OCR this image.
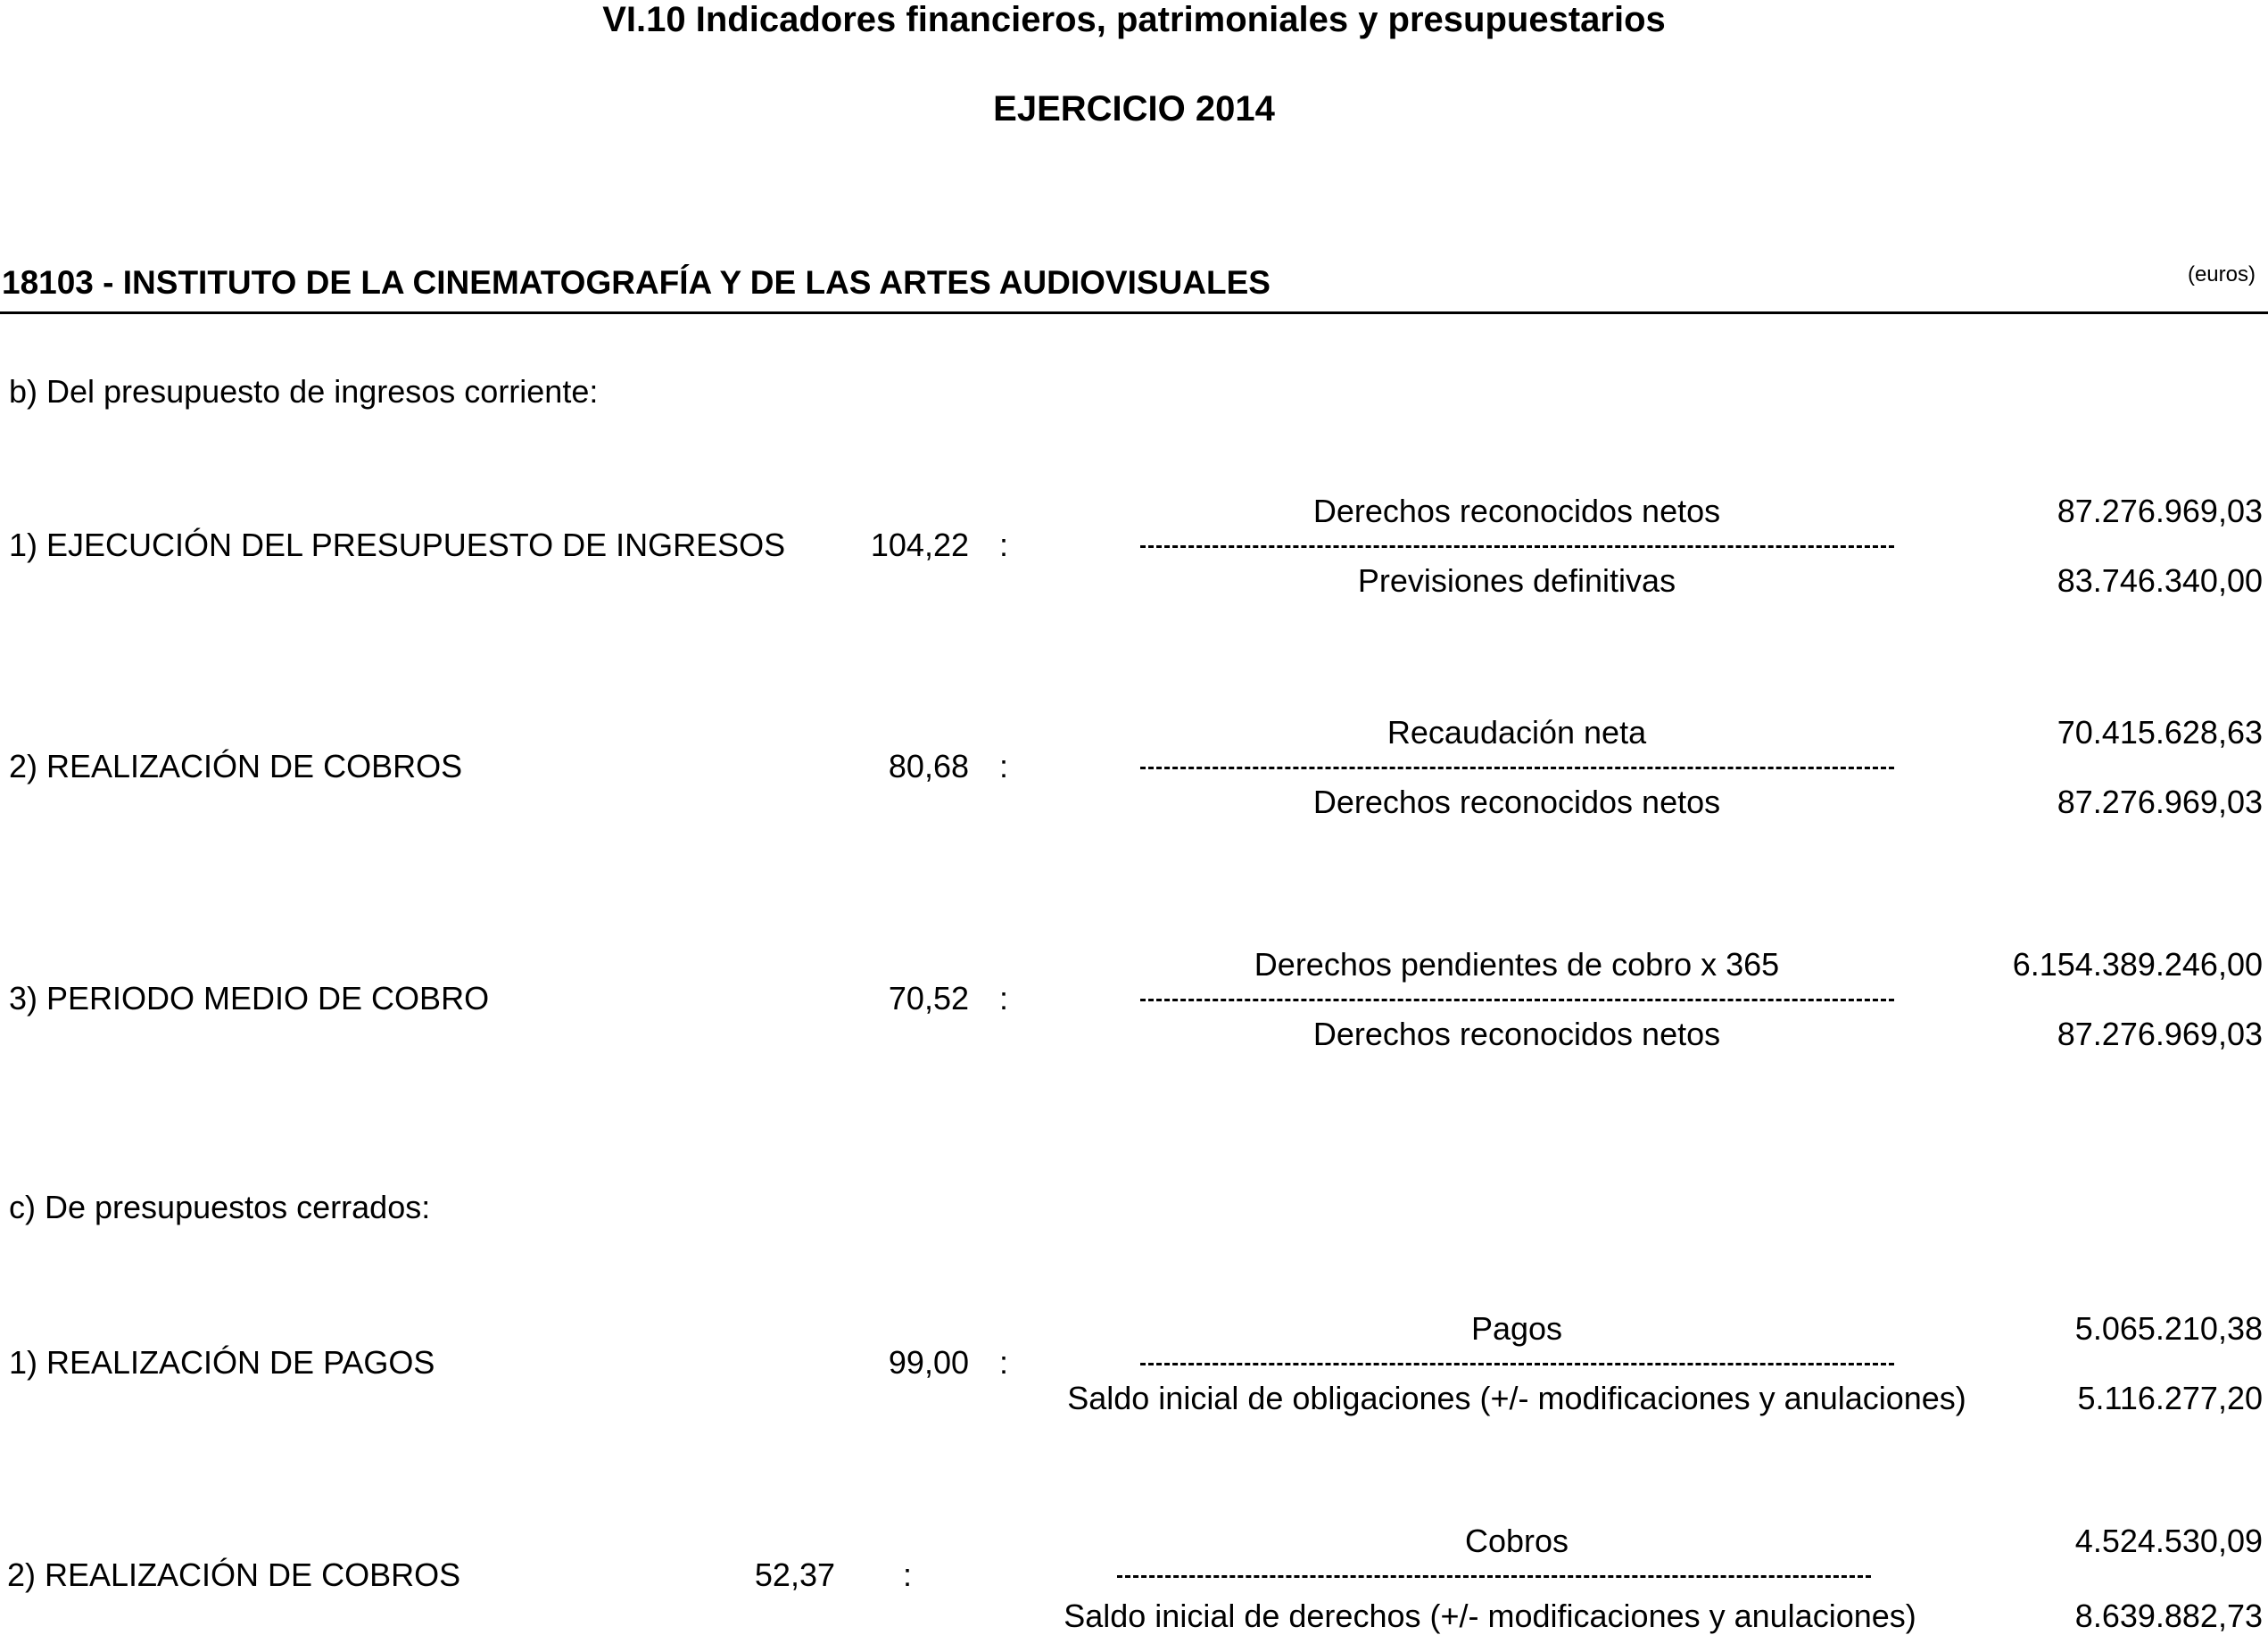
VI.10 Indicadores financieros, patrimoniales y presupuestarios
EJERCICIO 2014
18103 - INSTITUTO DE LA CINEMATOGRAFÍA Y DE LAS ARTES AUDIOVISUALES	(euros)
b) Del presupuesto de ingresos corriente:
Derechos reconocidos netos	87.276.969,03
1) EJECUCIÓN DEL PRESUPUESTO DE INGRESOS	104,22 :
Previsiones definitivas	83.746.340,00
Recaudación neta	70.415.628,63
2) REALIZACIÓN DE COBROS	80,68 :
Derechos reconocidos netos	87.276.969,03
Derechos pendientes de cobro x 365	6.154.389.246,00
3) PERIODO MEDIO DE COBRO	70,52 :
Derechos reconocidos netos	87.276.969,03
c) De presupuestos cerrados:
Pagos	5.065.210,38
1) REALIZACIÓN DE PAGOS	99,00 :
Saldo inicial de obligaciones (+/- modificaciones y anulaciones)	5.116.277,20
Cobros	4.524.530,09
2) REALIZACIÓN DE COBROS	52,37 :
Saldo inicial de derechos (+/- modificaciones y anulaciones)	8.639.882,73
